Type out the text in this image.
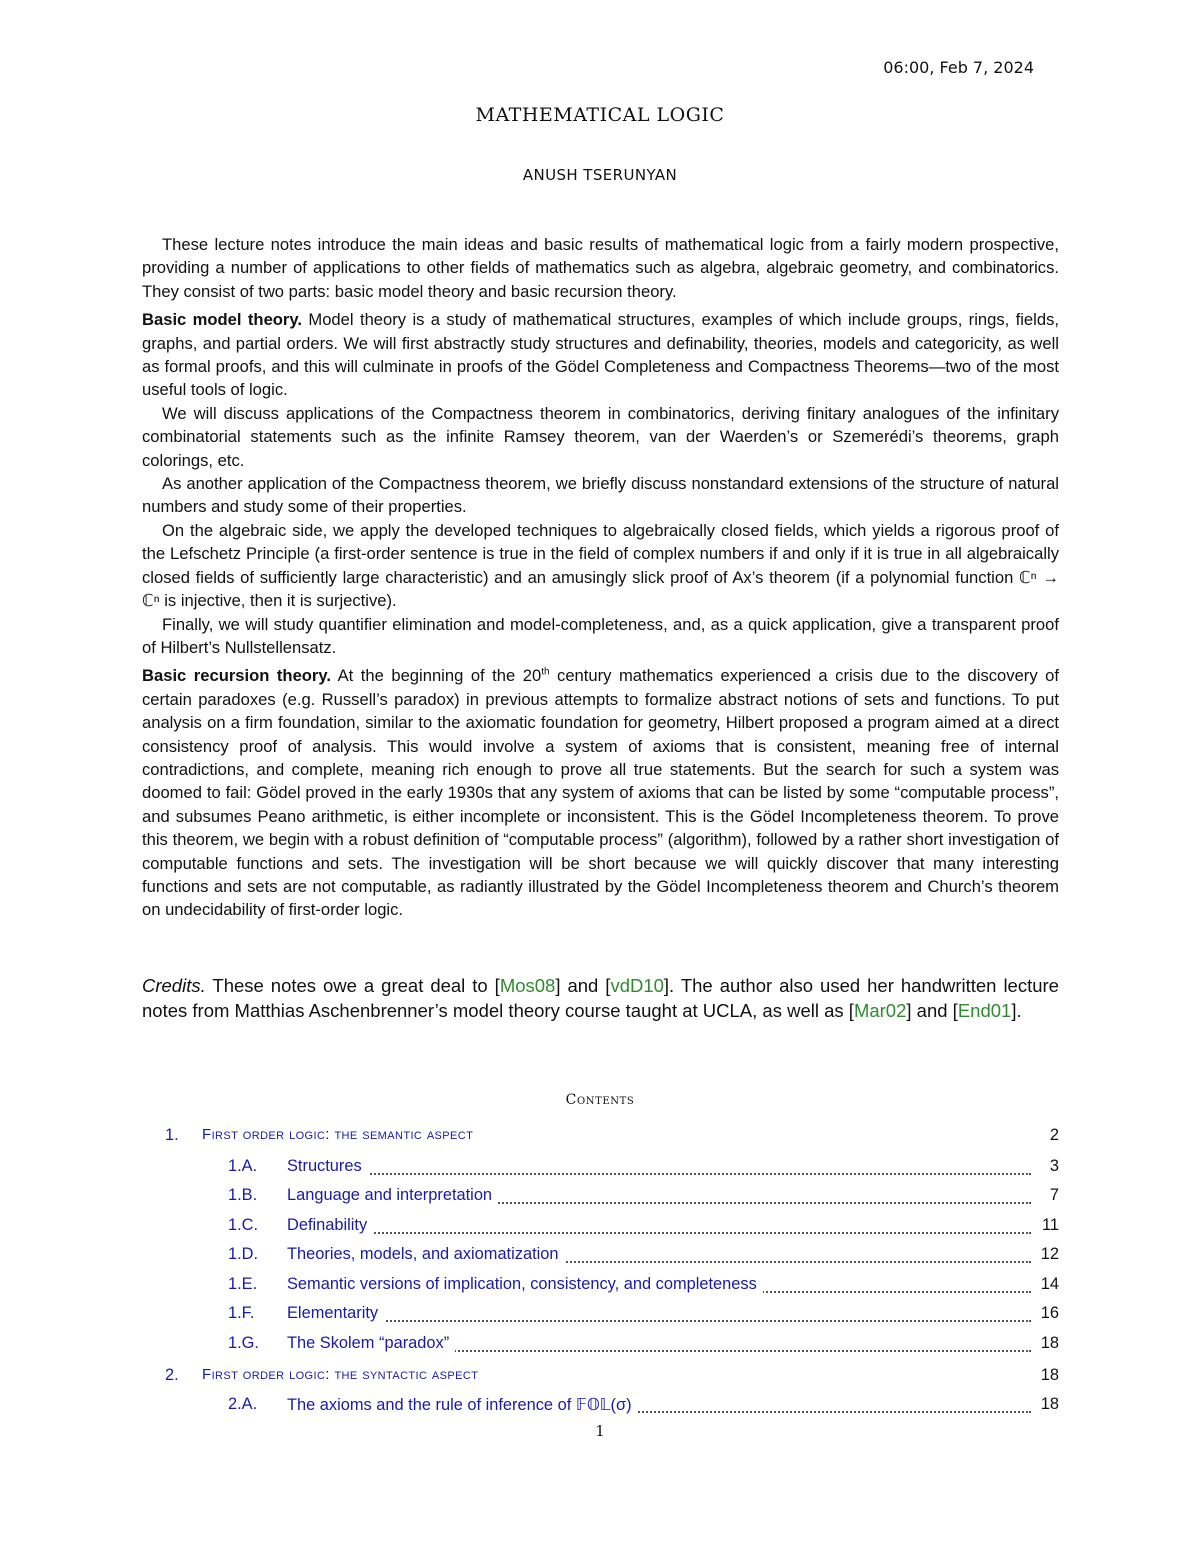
06:00, Feb 7, 2024
MATHEMATICAL LOGIC
ANUSH TSERUNYAN

These lecture notes introduce the main ideas and basic results of mathematical logic from a fairly modern prospective, providing a number of applications to other fields of mathematics such as algebra, algebraic geometry, and combinatorics. They consist of two parts: basic model theory and basic recursion theory.

Basic model theory. Model theory is a study of mathematical structures, examples of which include groups, rings, fields, graphs, and partial orders. We will first abstractly study structures and definability, theories, models and categoricity, as well as formal proofs, and this will culminate in proofs of the Gödel Completeness and Compactness Theorems—two of the most useful tools of logic.

We will discuss applications of the Compactness theorem in combinatorics, deriving finitary analogues of the infinitary combinatorial statements such as the infinite Ramsey theorem, van der Waerden’s or Szemerédi’s theorems, graph colorings, etc.

As another application of the Compactness theorem, we briefly discuss nonstandard extensions of the structure of natural numbers and study some of their properties.

On the algebraic side, we apply the developed techniques to algebraically closed fields, which yields a rigorous proof of the Lefschetz Principle (a first-order sentence is true in the field of complex numbers if and only if it is true in all algebraically closed fields of sufficiently large characteristic) and an amusingly slick proof of Ax’s theorem (if a polynomial function ℂⁿ → ℂⁿ is injective, then it is surjective).

Finally, we will study quantifier elimination and model-completeness, and, as a quick application, give a transparent proof of Hilbert’s Nullstellensatz.

Basic recursion theory. At the beginning of the 20th century mathematics experienced a crisis due to the discovery of certain paradoxes (e.g. Russell’s paradox) in previous attempts to formalize abstract notions of sets and functions. To put analysis on a firm foundation, similar to the axiomatic foundation for geometry, Hilbert proposed a program aimed at a direct consistency proof of analysis. This would involve a system of axioms that is consistent, meaning free of internal contradictions, and complete, meaning rich enough to prove all true statements. But the search for such a system was doomed to fail: Gödel proved in the early 1930s that any system of axioms that can be listed by some “computable process”, and subsumes Peano arithmetic, is either incomplete or inconsistent. This is the Gödel Incompleteness theorem. To prove this theorem, we begin with a robust definition of “computable process” (algorithm), followed by a rather short investigation of computable functions and sets. The investigation will be short because we will quickly discover that many interesting functions and sets are not computable, as radiantly illustrated by the Gödel Incompleteness theorem and Church’s theorem on undecidability of first-order logic.

Credits. These notes owe a great deal to [Mos08] and [vdD10]. The author also used her handwritten lecture notes from Matthias Aschenbrenner’s model theory course taught at UCLA, as well as [Mar02] and [End01].
Contents
1. First order logic: the semantic aspect	2
1.A. Structures	3
1.B. Language and interpretation	7
1.C. Definability	11
1.D. Theories, models, and axiomatization	12
1.E. Semantic versions of implication, consistency, and completeness	14
1.F. Elementarity	16
1.G. The Skolem “paradox”	18
2. First order logic: the syntactic aspect	18
2.A. The axioms and the rule of inference of 𝔽𝕆𝕃(σ)	18
1
